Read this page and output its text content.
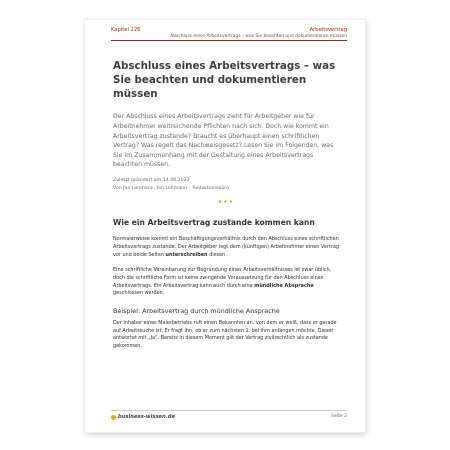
Kapitel 226	Arbeitsvertrag
Abschluss eines Arbeitsvertrags – was Sie beachten und dokumentieren müssen
Abschluss eines Arbeitsvertrags – was Sie beachten und dokumentieren müssen

Der Abschluss eines Arbeitsvertrags zieht für Arbeitgeber wie für Arbeitnehmer weitreichende Pflichten nach sich. Doch wie kommt ein Arbeitsvertrag zustande? Braucht es überhaupt einen schriftlichen Vertrag? Was regelt das Nachweisgesetz? Lesen Sie im Folgenden, was Sie im Zusammenhang mit der Gestaltung eines Arbeitsvertrags beachten müssen.

Zuletzt geändert am 14.08.2023
Von Jan Lehmann, Jan Lehmann – Redaktionsbüro
•••
Wie ein Arbeitsvertrag zustande kommen kann

Normalerweise kommt ein Beschäftigungsverhältnis durch den Abschluss eines schriftlichen Arbeitsvertrags zustande: Der Arbeitgeber legt dem (künftigen) Arbeitnehmer einen Vertrag vor und beide Seiten unterschreiben diesen.

Eine schriftliche Vereinbarung zur Begründung eines Arbeitsverhältnisses ist zwar üblich, doch die schriftliche Form ist keine zwingende Voraussetzung für den Abschluss eines Arbeitsvertrags. Ein Arbeitsvertrag kann auch durch eine mündliche Absprache geschlossen werden.

Beispiel: Arbeitsvertrag durch mündliche Ansprache

Der Inhaber eines Malerbetriebs ruft einen Bekannten an, von dem er weiß, dass er gerade auf Arbeitssuche ist. Er fragt ihn, ob er zum nächsten 1. bei ihm anfangen möchte. Dieser antwortet mit „Ja“. Bereits in diesem Moment gilt der Vertrag zivilrechtlich als zustande gekommen.

business-wissen.de	Seite 2
